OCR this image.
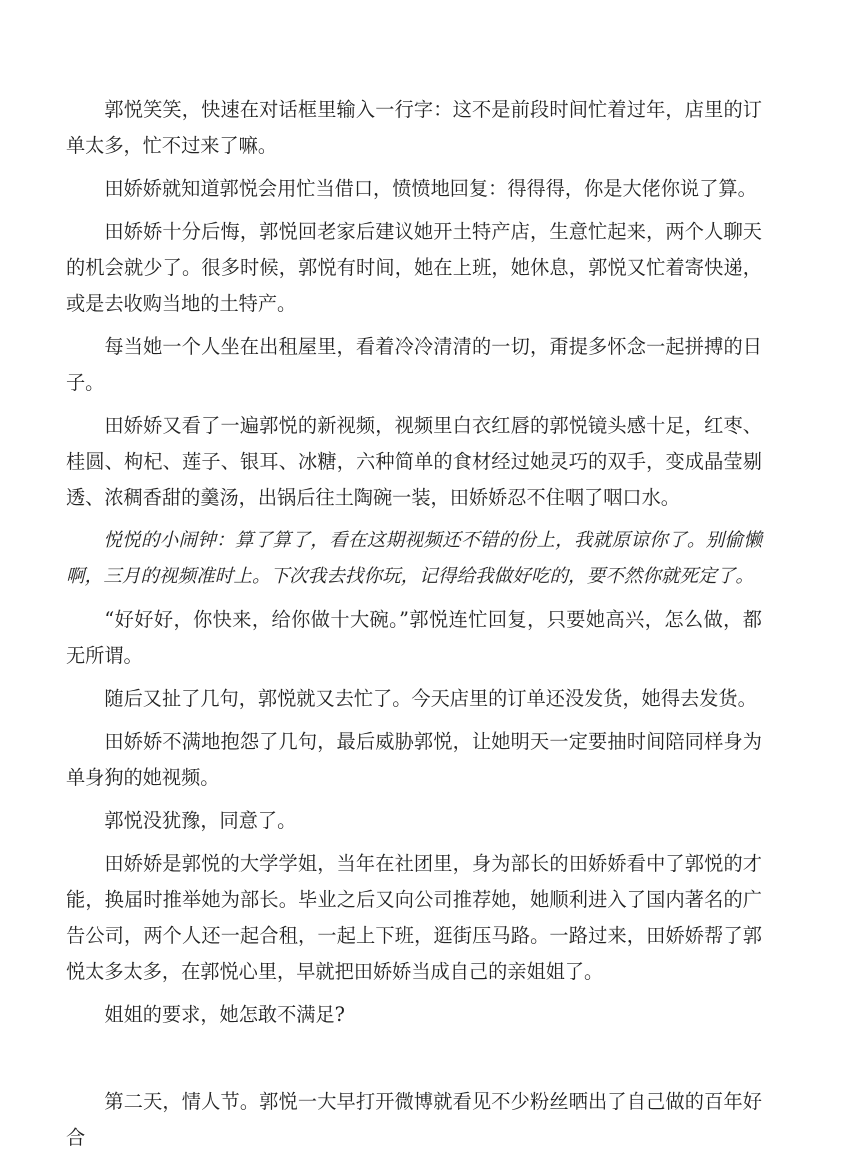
郭悦笑笑，快速在对话框里输入一行字：这不是前段时间忙着过年，店里的订单太多，忙不过来了嘛。

田娇娇就知道郭悦会用忙当借口，愤愤地回复：得得得，你是大佬你说了算。

田娇娇十分后悔，郭悦回老家后建议她开土特产店，生意忙起来，两个人聊天的机会就少了。很多时候，郭悦有时间，她在上班，她休息，郭悦又忙着寄快递，或是去收购当地的土特产。

每当她一个人坐在出租屋里，看着冷冷清清的一切，甭提多怀念一起拼搏的日子。

田娇娇又看了一遍郭悦的新视频，视频里白衣红唇的郭悦镜头感十足，红枣、桂圆、枸杞、莲子、银耳、冰糖，六种简单的食材经过她灵巧的双手，变成晶莹剔透、浓稠香甜的羹汤，出锅后往土陶碗一装，田娇娇忍不住咽了咽口水。

悦悦的小闹钟：算了算了，看在这期视频还不错的份上，我就原谅你了。别偷懒啊，三月的视频准时上。下次我去找你玩，记得给我做好吃的，要不然你就死定了。

“好好好，你快来，给你做十大碗。”郭悦连忙回复，只要她高兴，怎么做，都无所谓。

随后又扯了几句，郭悦就又去忙了。今天店里的订单还没发货，她得去发货。

田娇娇不满地抱怨了几句，最后威胁郭悦，让她明天一定要抽时间陪同样身为单身狗的她视频。

郭悦没犹豫，同意了。

田娇娇是郭悦的大学学姐，当年在社团里，身为部长的田娇娇看中了郭悦的才能，换届时推举她为部长。毕业之后又向公司推荐她，她顺利进入了国内著名的广告公司，两个人还一起合租，一起上下班，逛街压马路。一路过来，田娇娇帮了郭悦太多太多，在郭悦心里，早就把田娇娇当成自己的亲姐姐了。

姐姐的要求，她怎敢不满足?

第二天，情人节。郭悦一大早打开微博就看见不少粉丝晒出了自己做的百年好合
